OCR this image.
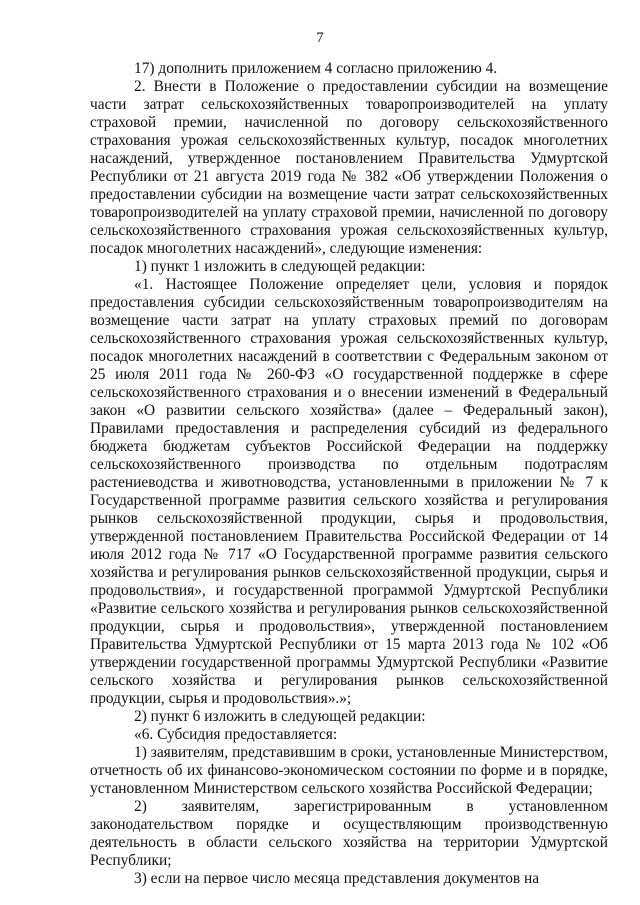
7

17) дополнить приложением 4 согласно приложению 4.

2. Внести в Положение о предоставлении субсидии на возмещение части затрат сельскохозяйственных товаропроизводителей на уплату страховой премии, начисленной по договору сельскохозяйственного страхования урожая сельскохозяйственных культур, посадок многолетних насаждений, утвержденное постановлением Правительства Удмуртской Республики от 21 августа 2019 года № 382 «Об утверждении Положения о предоставлении субсидии на возмещение части затрат сельскохозяйственных товаропроизводителей на уплату страховой премии, начисленной по договору сельскохозяйственного страхования урожая сельскохозяйственных культур, посадок многолетних насаждений», следующие изменения:

1) пункт 1 изложить в следующей редакции:

«1. Настоящее Положение определяет цели, условия и порядок предоставления субсидии сельскохозяйственным товаропроизводителям на возмещение части затрат на уплату страховых премий по договорам сельскохозяйственного страхования урожая сельскохозяйственных культур, посадок многолетних насаждений в соответствии с Федеральным законом от 25 июля 2011 года № 260-ФЗ «О государственной поддержке в сфере сельскохозяйственного страхования и о внесении изменений в Федеральный закон «О развитии сельского хозяйства» (далее – Федеральный закон), Правилами предоставления и распределения субсидий из федерального бюджета бюджетам субъектов Российской Федерации на поддержку сельскохозяйственного производства по отдельным подотраслям растениеводства и животноводства, установленными в приложении № 7 к Государственной программе развития сельского хозяйства и регулирования рынков сельскохозяйственной продукции, сырья и продовольствия, утвержденной постановлением Правительства Российской Федерации от 14 июля 2012 года № 717 «О Государственной программе развития сельского хозяйства и регулирования рынков сельскохозяйственной продукции, сырья и продовольствия», и государственной программой Удмуртской Республики «Развитие сельского хозяйства и регулирования рынков сельскохозяйственной продукции, сырья и продовольствия», утвержденной постановлением Правительства Удмуртской Республики от 15 марта 2013 года № 102 «Об утверждении государственной программы Удмуртской Республики «Развитие сельского хозяйства и регулирования рынков сельскохозяйственной продукции, сырья и продовольствия».»;

2) пункт 6 изложить в следующей редакции:

«6. Субсидия предоставляется:

1) заявителям, представившим в сроки, установленные Министерством, отчетность об их финансово-экономическом состоянии по форме и в порядке, установленном Министерством сельского хозяйства Российской Федерации;

2) заявителям, зарегистрированным в установленном законодательством порядке и осуществляющим производственную деятельность в области сельского хозяйства на территории Удмуртской Республики;

3) если на первое число месяца представления документов на
